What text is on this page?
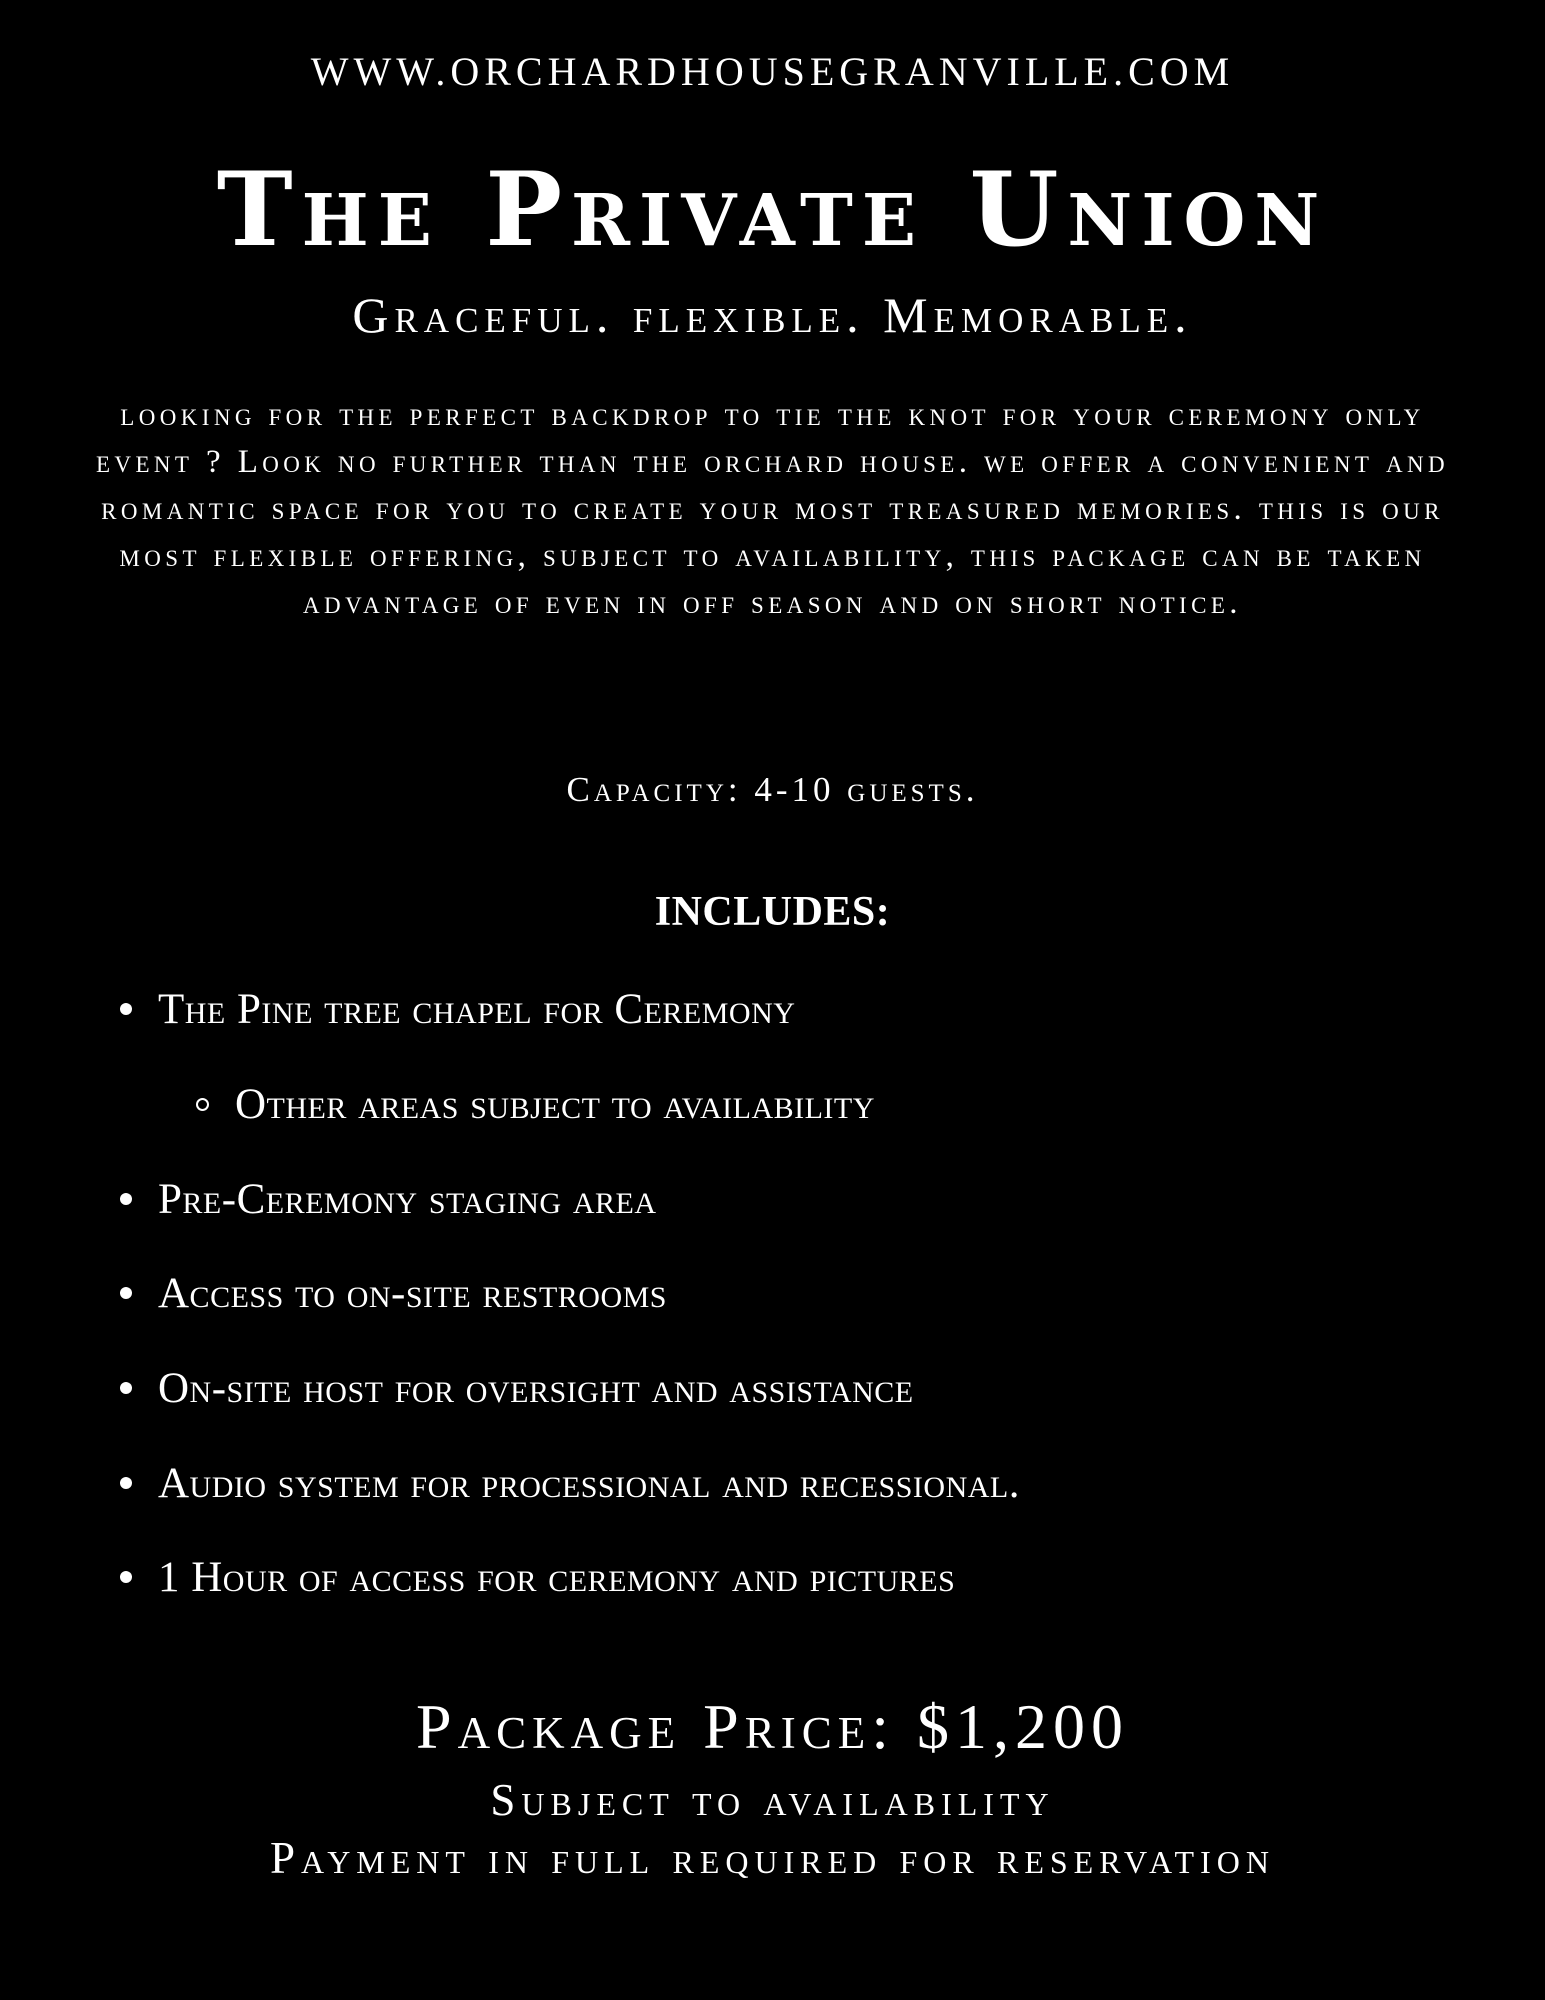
WWW.ORCHARDHOUSEGRANVILLE.COM
The Private Union
Graceful. flexible. Memorable.
looking for the perfect backdrop to tie the knot for your ceremony only event ? Look no further than the orchard house. we offer a convenient and romantic space for you to create your most treasured memories. this is our most flexible offering, subject to availability, this package can be taken advantage of even in off season and on short notice.
Capacity: 4-10 guests.
INCLUDES:
The Pine tree chapel for Ceremony
Other areas subject to availability
Pre-Ceremony staging area
Access to on-site restrooms
On-site host for oversight and assistance
Audio system for processional and recessional.
1 Hour of access for ceremony and pictures
Package Price: $1,200
Subject to availability
Payment in full required for reservation
